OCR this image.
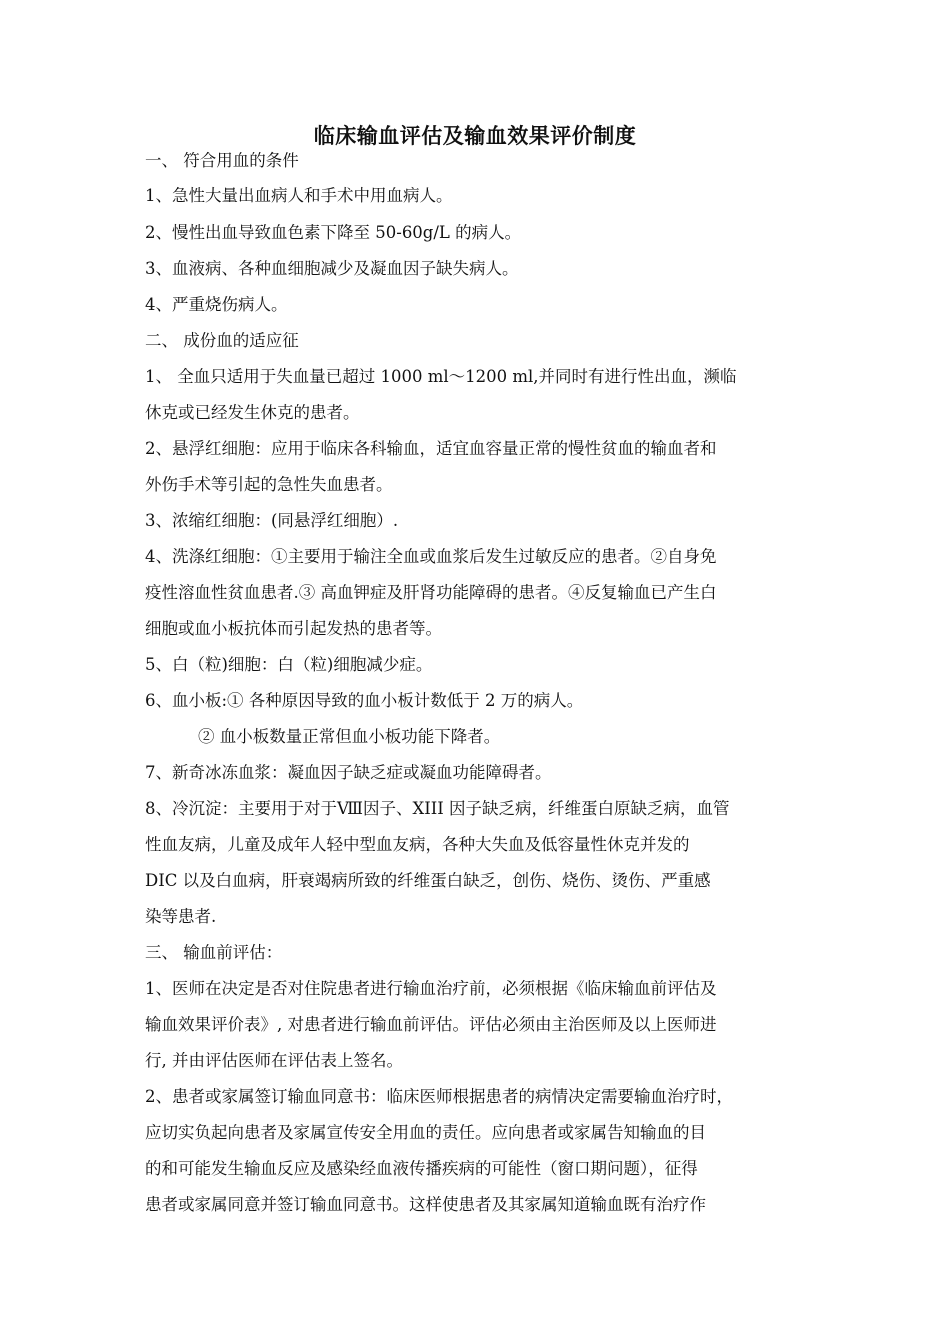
临床输血评估及输血效果评价制度
一、 符合用血的条件
1、急性大量出血病人和手术中用血病人。
2、慢性出血导致血色素下降至 50-60g/L 的病人。
3、血液病、各种血细胞减少及凝血因子缺失病人。
4、严重烧伤病人。
二、 成份血的适应征
1、 全血只适用于失血量已超过 1000 ml～1200 ml,并同时有进行性出血，濒临
休克或已经发生休克的患者。
2、悬浮红细胞：应用于临床各科输血，适宜血容量正常的慢性贫血的输血者和
外伤手术等引起的急性失血患者。
3、浓缩红细胞：(同悬浮红细胞）.
4、洗涤红细胞：①主要用于输注全血或血浆后发生过敏反应的患者。②自身免
疫性溶血性贫血患者.③ 高血钾症及肝肾功能障碍的患者。④反复输血已产生白
细胞或血小板抗体而引起发热的患者等。
5、白（粒)细胞：白（粒)细胞减少症。
6、血小板:① 各种原因导致的血小板计数低于 2 万的病人。
② 血小板数量正常但血小板功能下降者。
7、新奇冰冻血浆：凝血因子缺乏症或凝血功能障碍者。
8、冷沉淀：主要用于对于Ⅷ因子、XIII 因子缺乏病，纤维蛋白原缺乏病，血管
性血友病，儿童及成年人轻中型血友病，各种大失血及低容量性休克并发的
DIC 以及白血病，肝衰竭病所致的纤维蛋白缺乏，创伤、烧伤、烫伤、严重感
染等患者.
三、 输血前评估：
1、医师在决定是否对住院患者进行输血治疗前，必须根据《临床输血前评估及
输血效果评价表》, 对患者进行输血前评估。评估必须由主治医师及以上医师进
行, 并由评估医师在评估表上签名。
2、患者或家属签订输血同意书：临床医师根据患者的病情决定需要输血治疗时，
应切实负起向患者及家属宣传安全用血的责任。应向患者或家属告知输血的目
的和可能发生输血反应及感染经血液传播疾病的可能性（窗口期问题），征得
患者或家属同意并签订输血同意书。这样使患者及其家属知道输血既有治疗作
